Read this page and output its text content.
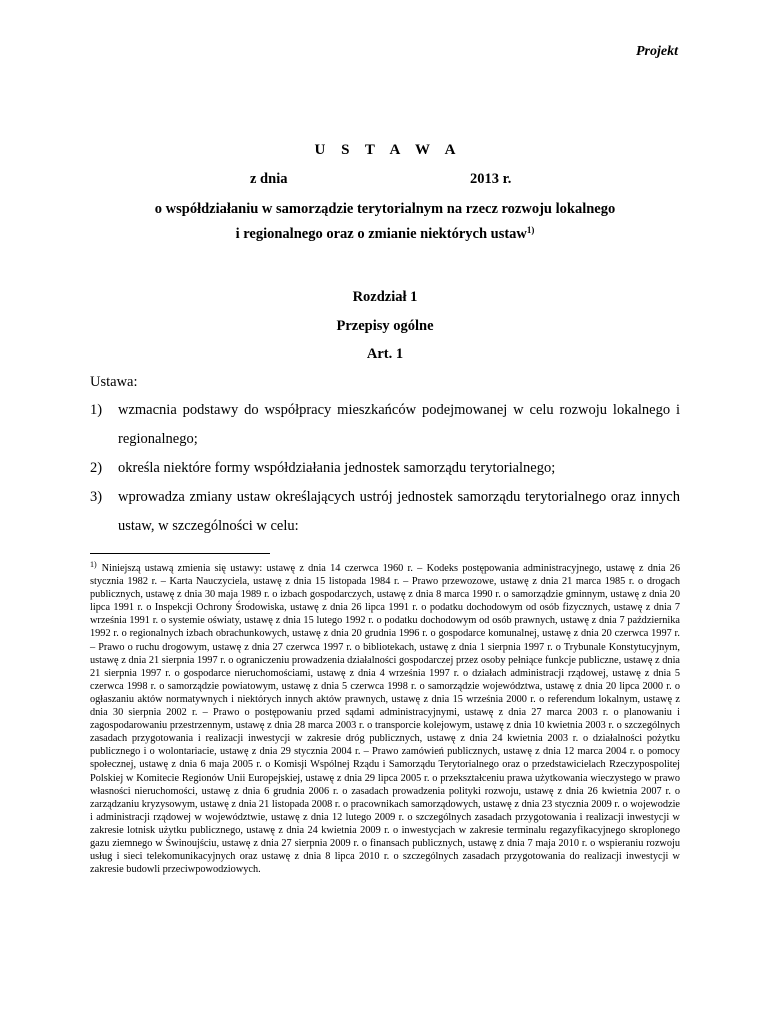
Projekt
U S T A W A
z dnia	2013 r.
o współdziałaniu w samorządzie terytorialnym na rzecz rozwoju lokalnego
i regionalnego oraz o zmianie niektórych ustaw$^{1)}$
Rozdział 1
Przepisy ogólne
Art. 1
Ustawa:
1) wzmacnia podstawy do współpracy mieszkańców podejmowanej w celu rozwoju lokalnego i regionalnego;
2) określa niektóre formy współdziałania jednostek samorządu terytorialnego;
3) wprowadza zmiany ustaw określających ustrój jednostek samorządu terytorialnego oraz innych ustaw, w szczególności w celu:
$^{1)}$ Niniejszą ustawą zmienia się ustawy: ustawę z dnia 14 czerwca 1960 r. – Kodeks postępowania administracyjnego, ustawę z dnia 26 stycznia 1982 r. – Karta Nauczyciela, ustawę z dnia 15 listopada 1984 r. – Prawo przewozowe, ustawę z dnia 21 marca 1985 r. o drogach publicznych, ustawę z dnia 30 maja 1989 r. o izbach gospodarczych, ustawę z dnia 8 marca 1990 r. o samorządzie gminnym, ustawę z dnia 20 lipca 1991 r. o Inspekcji Ochrony Środowiska, ustawę z dnia 26 lipca 1991 r. o podatku dochodowym od osób fizycznych, ustawę z dnia 7 września 1991 r. o systemie oświaty, ustawę z dnia 15 lutego 1992 r. o podatku dochodowym od osób prawnych, ustawę z dnia 7 października 1992 r. o regionalnych izbach obrachunkowych, ustawę z dnia 20 grudnia 1996 r. o gospodarce komunalnej, ustawę z dnia 20 czerwca 1997 r. – Prawo o ruchu drogowym, ustawę z dnia 27 czerwca 1997 r. o bibliotekach, ustawę z dnia 1 sierpnia 1997 r. o Trybunale Konstytucyjnym, ustawę z dnia 21 sierpnia 1997 r. o ograniczeniu prowadzenia działalności gospodarczej przez osoby pełniące funkcje publiczne, ustawę z dnia 21 sierpnia 1997 r. o gospodarce nieruchomościami, ustawę z dnia 4 września 1997 r. o działach administracji rządowej, ustawę z dnia 5 czerwca 1998 r. o samorządzie powiatowym, ustawę z dnia 5 czerwca 1998 r. o samorządzie województwa, ustawę z dnia 20 lipca 2000 r. o ogłaszaniu aktów normatywnych i niektórych innych aktów prawnych, ustawę z dnia 15 września 2000 r. o referendum lokalnym, ustawę z dnia 30 sierpnia 2002 r. – Prawo o postępowaniu przed sądami administracyjnymi, ustawę z dnia 27 marca 2003 r. o planowaniu i zagospodarowaniu przestrzennym, ustawę z dnia 28 marca 2003 r. o transporcie kolejowym, ustawę z dnia 10 kwietnia 2003 r. o szczególnych zasadach przygotowania i realizacji inwestycji w zakresie dróg publicznych, ustawę z dnia 24 kwietnia 2003 r. o działalności pożytku publicznego i o wolontariacie, ustawę z dnia 29 stycznia 2004 r. – Prawo zamówień publicznych, ustawę z dnia 12 marca 2004 r. o pomocy społecznej, ustawę z dnia 6 maja 2005 r. o Komisji Wspólnej Rządu i Samorządu Terytorialnego oraz o przedstawicielach Rzeczypospolitej Polskiej w Komitecie Regionów Unii Europejskiej, ustawę z dnia 29 lipca 2005 r. o przekształceniu prawa użytkowania wieczystego w prawo własności nieruchomości, ustawę z dnia 6 grudnia 2006 r. o zasadach prowadzenia polityki rozwoju, ustawę z dnia 26 kwietnia 2007 r. o zarządzaniu kryzysowym, ustawę z dnia 21 listopada 2008 r. o pracownikach samorządowych, ustawę z dnia 23 stycznia 2009 r. o wojewodzie i administracji rządowej w województwie, ustawę z dnia 12 lutego 2009 r. o szczególnych zasadach przygotowania i realizacji inwestycji w zakresie lotnisk użytku publicznego, ustawę z dnia 24 kwietnia 2009 r. o inwestycjach w zakresie terminalu regazyfikacyjnego skroplonego gazu ziemnego w Świnoujściu, ustawę z dnia 27 sierpnia 2009 r. o finansach publicznych, ustawę z dnia 7 maja 2010 r. o wspieraniu rozwoju usług i sieci telekomunikacyjnych oraz ustawę z dnia 8 lipca 2010 r. o szczególnych zasadach przygotowania do realizacji inwestycji w zakresie budowli przeciwpowodziowych.
